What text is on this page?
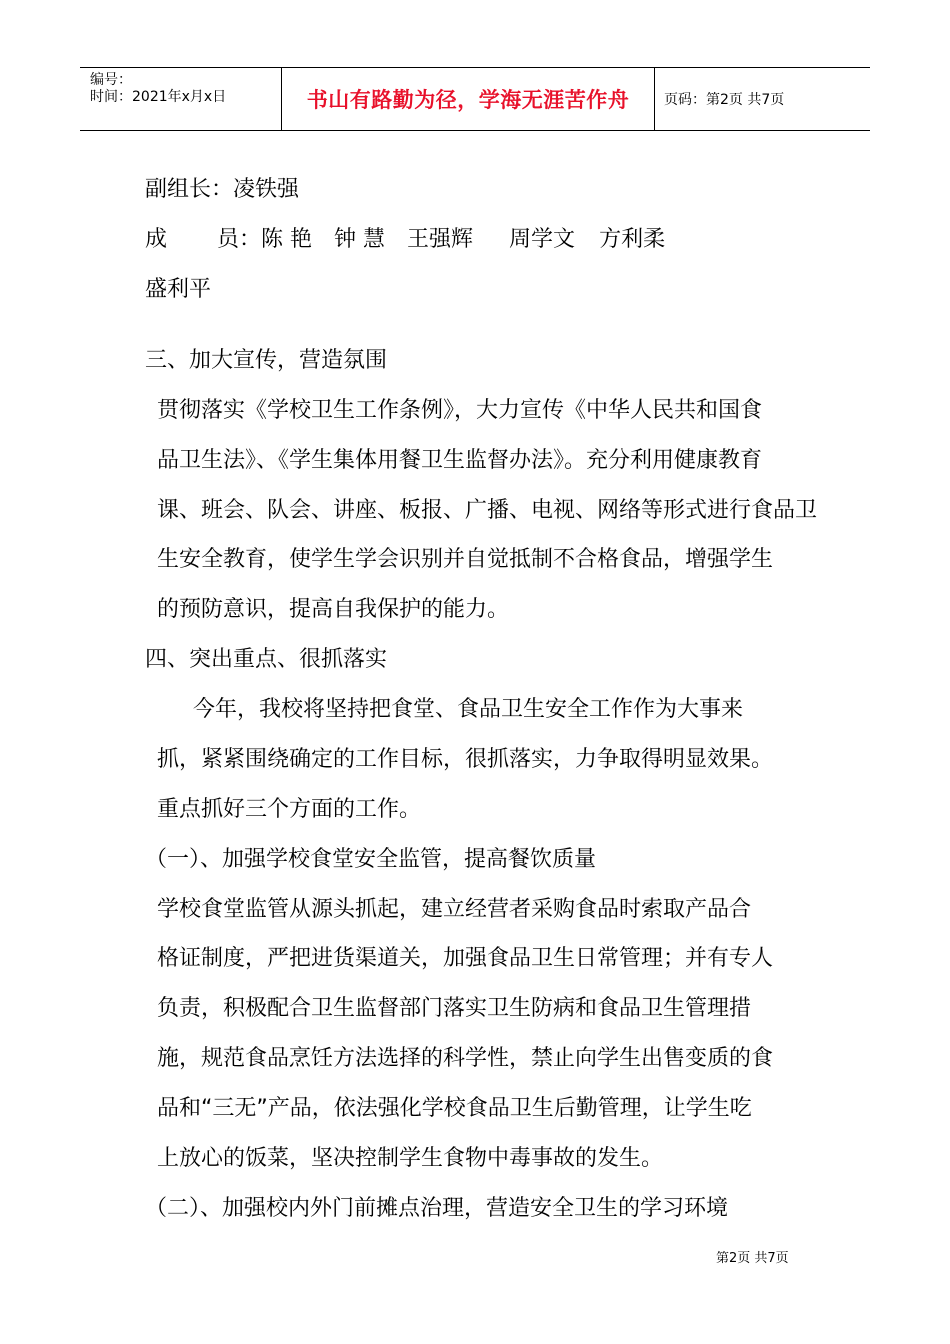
编号：
时间：2021年x月x日	书山有路勤为径，学海无涯苦作舟	页码：第2页 共7页
副组长：凌铁强
成 员：陈 艳 钟 慧 王强辉 周学文 方利柔
盛利平
三、加大宣传，营造氛围
贯彻落实《学校卫生工作条例》，大力宣传《中华人民共和国食
品卫生法》、《学生集体用餐卫生监督办法》。充分利用健康教育
课、班会、队会、讲座、板报、广播、电视、网络等形式进行食品卫
生安全教育，使学生学会识别并自觉抵制不合格食品，增强学生
的预防意识，提高自我保护的能力。
四、突出重点、很抓落实
今年，我校将坚持把食堂、食品卫生安全工作作为大事来
抓，紧紧围绕确定的工作目标，很抓落实，力争取得明显效果。
重点抓好三个方面的工作。
（一）、加强学校食堂安全监管，提高餐饮质量
学校食堂监管从源头抓起，建立经营者采购食品时索取产品合
格证制度，严把进货渠道关，加强食品卫生日常管理；并有专人
负责，积极配合卫生监督部门落实卫生防病和食品卫生管理措
施，规范食品烹饪方法选择的科学性，禁止向学生出售变质的食
品和“三无”产品，依法强化学校食品卫生后勤管理，让学生吃
上放心的饭菜，坚决控制学生食物中毒事故的发生。
（二）、加强校内外门前摊点治理，营造安全卫生的学习环境
第2页 共7页
